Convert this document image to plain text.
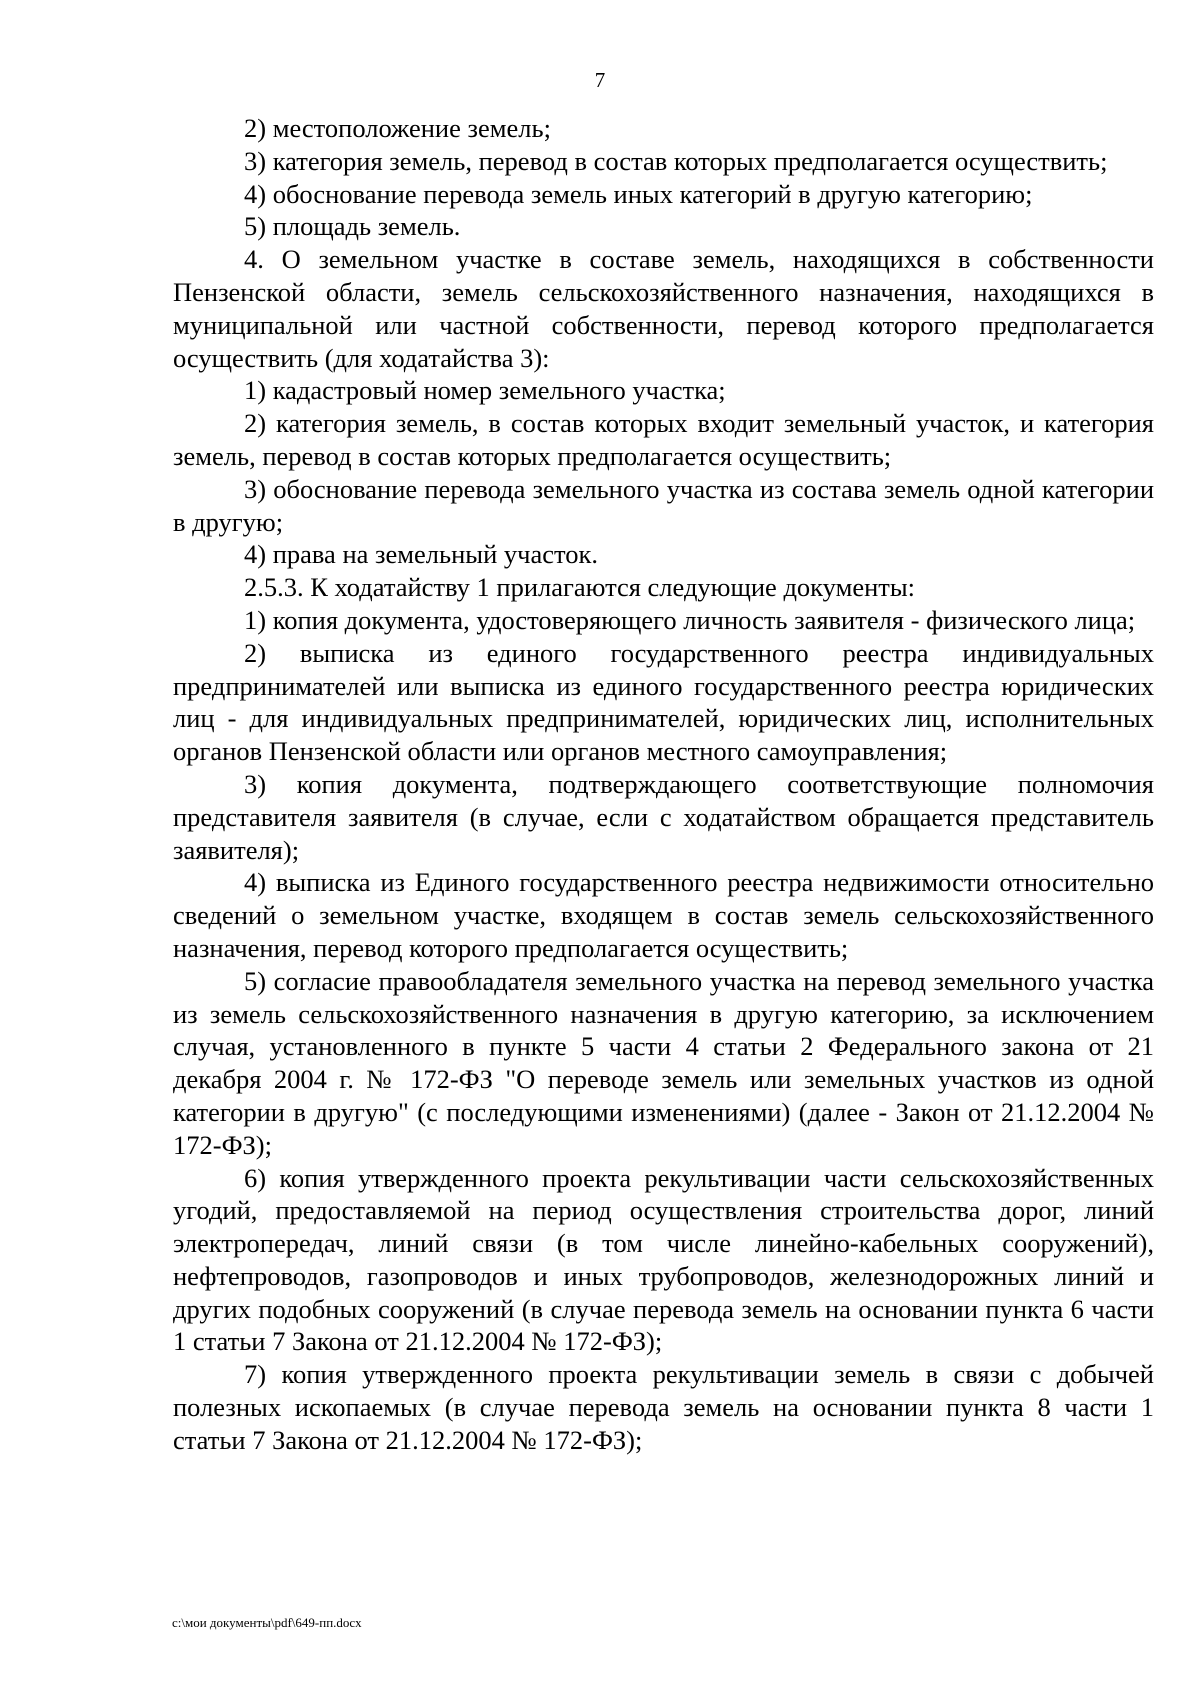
7

2) местоположение земель;

3) категория земель, перевод в состав которых предполагается осуществить;

4) обоснование перевода земель иных категорий в другую категорию;

5) площадь земель.

4. О земельном участке в составе земель, находящихся в собственности Пензенской области, земель сельскохозяйственного назначения, находящихся в муниципальной или частной собственности, перевод которого предполагается осуществить (для ходатайства 3):

1) кадастровый номер земельного участка;

2) категория земель, в состав которых входит земельный участок, и категория земель, перевод в состав которых предполагается осуществить;

3) обоснование перевода земельного участка из состава земель одной категории в другую;

4) права на земельный участок.

2.5.3. К ходатайству 1 прилагаются следующие документы:

1) копия документа, удостоверяющего личность заявителя - физического лица;

2) выписка из единого государственного реестра индивидуальных предпринимателей или выписка из единого государственного реестра юридических лиц - для индивидуальных предпринимателей, юридических лиц, исполнительных органов Пензенской области или органов местного самоуправления;

3) копия документа, подтверждающего соответствующие полномочия представителя заявителя (в случае, если с ходатайством обращается представитель заявителя);

4) выписка из Единого государственного реестра недвижимости относительно сведений о земельном участке, входящем в состав земель сельскохозяйственного назначения, перевод которого предполагается осуществить;

5) согласие правообладателя земельного участка на перевод земельного участка из земель сельскохозяйственного назначения в другую категорию, за исключением случая, установленного в пункте 5 части 4 статьи 2 Федерального закона от 21 декабря 2004 г. № 172-ФЗ "О переводе земель или земельных участков из одной категории в другую" (с последующими изменениями) (далее - Закон от 21.12.2004 № 172-ФЗ);

6) копия утвержденного проекта рекультивации части сельскохозяйственных угодий, предоставляемой на период осуществления строительства дорог, линий электропередач, линий связи (в том числе линейно-кабельных сооружений), нефтепроводов, газопроводов и иных трубопроводов, железнодорожных линий и других подобных сооружений (в случае перевода земель на основании пункта 6 части 1 статьи 7 Закона от 21.12.2004 № 172-ФЗ);

7) копия утвержденного проекта рекультивации земель в связи с добычей полезных ископаемых (в случае перевода земель на основании пункта 8 части 1 статьи 7 Закона от 21.12.2004 № 172-ФЗ);

c:\мои документы\pdf\649-пп.docx
